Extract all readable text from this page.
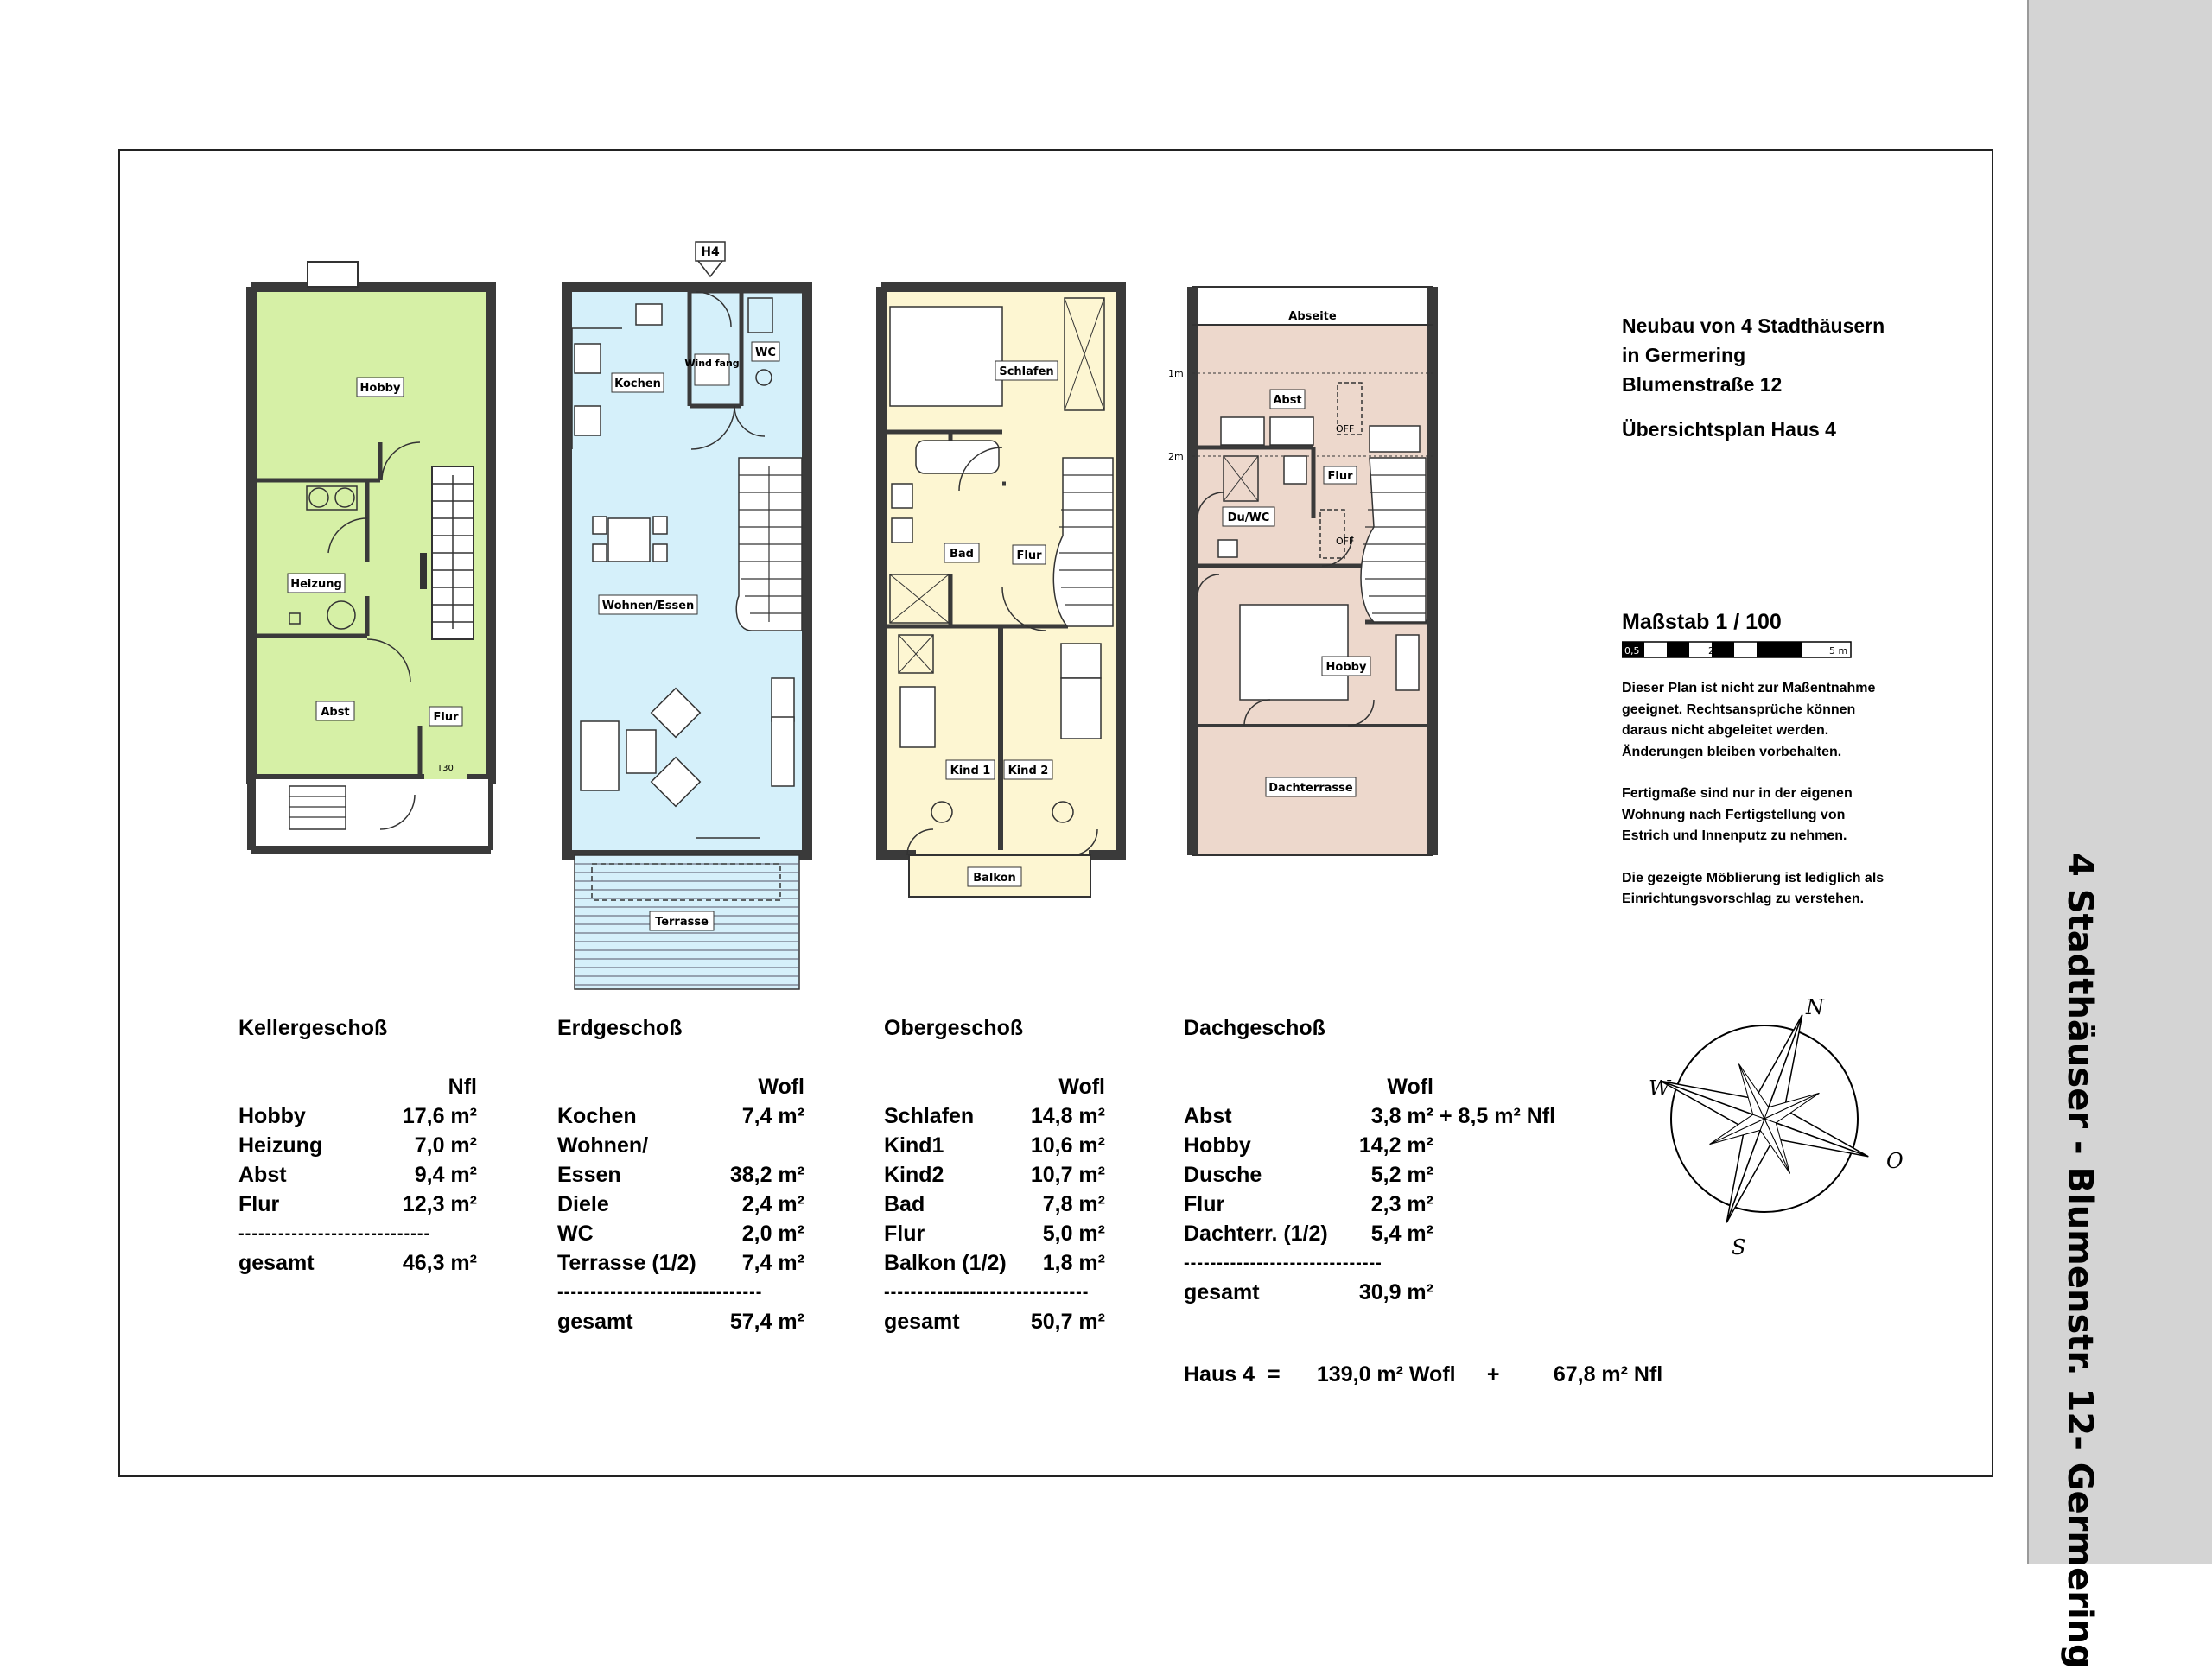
4 Stadthäuser - Blumenstr. 12- Germering
Hobby
Heizung
Abst	Flur
T30
Terrasse
H4
Kochen
Wind fang
WC
Wohnen/Essen
Balkon
Schlafen
Bad	Flur
Kind 1 Kind 2
Abseite
1m
2m
Abst
Flur
Du/WC
Hobby
Dachterrasse
OFF
OFF

Neubau von 4 Stadthäusern

in Germering

Blumenstraße 12

Übersichtsplan Haus 4

Maßstab 1 / 100
0,5	2	5 m

Dieser Plan ist nicht zur Maßentnahme
geeignet. Rechtsansprüche können
daraus nicht abgeleitet werden.
Änderungen bleiben vorbehalten.

Fertigmaße sind nur in der eigenen
Wohnung nach Fertigstellung von
Estrich und Innenputz zu nehmen.

Die gezeigte Möblierung ist lediglich als
Einrichtungsvorschlag zu verstehen.

Kellergeschoß
Nfl
Hobby	17,6 m²
Heizung	7,0 m²
Abst	9,4 m²
Flur	12,3 m²
-----------------------------
gesamt	46,3 m²
Erdgeschoß
Wofl
Kochen	7,4 m²
Wohnen/
Essen	38,2 m²
Diele	2,4 m²
WC	2,0 m²
Terrasse (1/2) 7,4 m²
-------------------------------
gesamt	57,4 m²
Obergeschoß
Wofl
Schlafen	14,8 m²
Kind1	10,6 m²
Kind2	10,7 m²
Bad	7,8 m²
Flur	5,0 m²
Balkon (1/2) 1,8 m²
-------------------------------
gesamt	50,7 m²
Dachgeschoß
Wofl
Abst	3,8 m² + 8,5 m² Nfl
Hobby	14,2 m²
Dusche	5,2 m²
Flur	2,3 m²
Dachterr. (1/2)	5,4 m²
------------------------------
gesamt	30,9 m²
Haus 4 = 139,0 m² Wofl + 67,8 m² Nfl
N
O
S
W
